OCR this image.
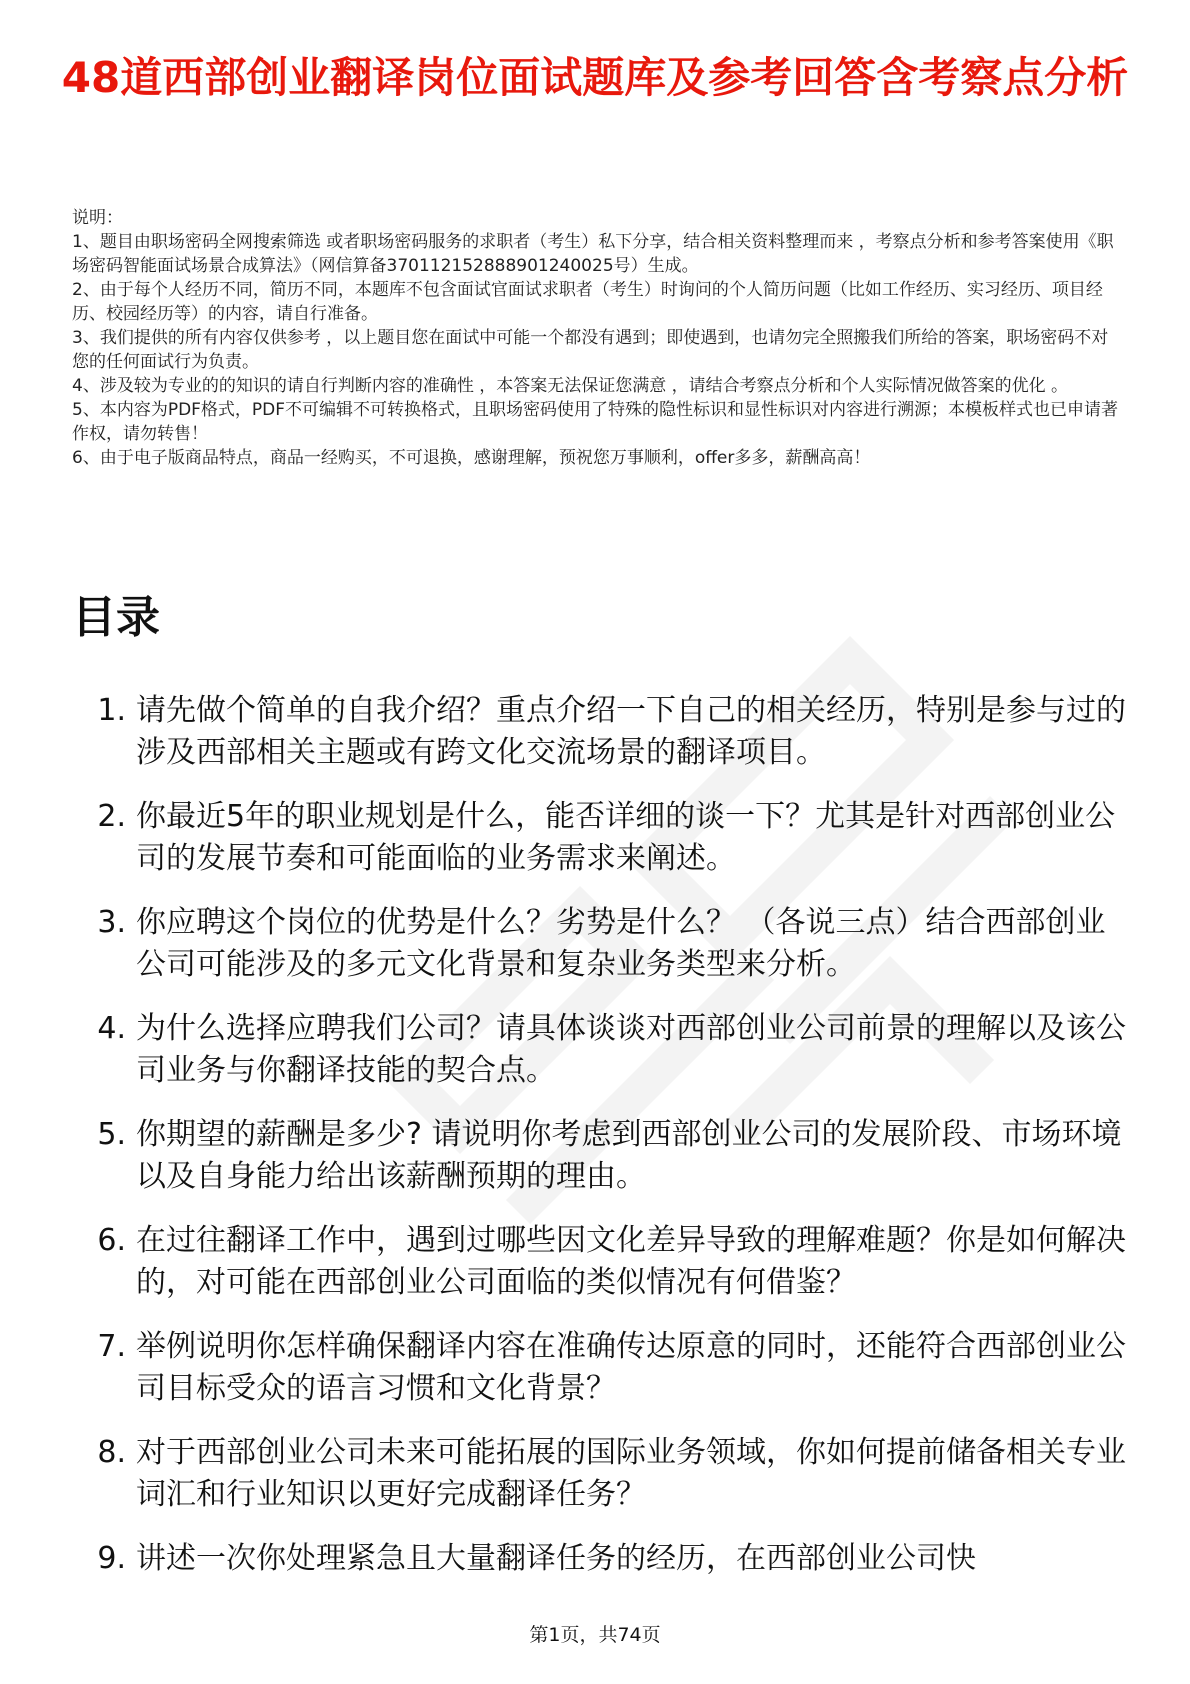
48道西部创业翻译岗位面试题库及参考回答含考察点分析

说明：

1、题目由职场密码全网搜索筛选 或者职场密码服务的求职者（考生）私下分享，结合相关资料整理而来 ，考察点分析和参考答案使用《职场密码智能面试场景合成算法》（网信算备370112152888901240025号）生成。

2、由于每个人经历不同，简历不同，本题库不包含面试官面试求职者（考生）时询问的个人简历问题（比如工作经历、实习经历、项目经历、校园经历等）的内容，请自行准备。

3、我们提供的所有内容仅供参考 ，以上题目您在面试中可能一个都没有遇到；即使遇到，也请勿完全照搬我们所给的答案，职场密码不对您的任何面试行为负责。

4、涉及较为专业的的知识的请自行判断内容的准确性 ，本答案无法保证您满意 ，请结合考察点分析和个人实际情况做答案的优化 。

5、本内容为PDF格式，PDF不可编辑不可转换格式，且职场密码使用了特殊的隐性标识和显性标识对内容进行溯源；本模板样式也已申请著作权，请勿转售！

6、由于电子版商品特点，商品一经购买，不可退换，感谢理解，预祝您万事顺利，offer多多，薪酬高高！

目录
1. 请先做个简单的自我介绍？重点介绍一下自己的相关经历，特别是参与过的涉及西部相关主题或有跨文化交流场景的翻译项目。
2. 你最近5年的职业规划是什么，能否详细的谈一下？尤其是针对西部创业公司的发展节奏和可能面临的业务需求来阐述。
3. 你应聘这个岗位的优势是什么？劣势是什么？ （各说三点）结合西部创业公司可能涉及的多元文化背景和复杂业务类型来分析。
4. 为什么选择应聘我们公司？请具体谈谈对西部创业公司前景的理解以及该公司业务与你翻译技能的契合点。
5. 你期望的薪酬是多少? 请说明你考虑到西部创业公司的发展阶段、市场环境以及自身能力给出该薪酬预期的理由。
6. 在过往翻译工作中，遇到过哪些因文化差异导致的理解难题？你是如何解决的，对可能在西部创业公司面临的类似情况有何借鉴？
7. 举例说明你怎样确保翻译内容在准确传达原意的同时，还能符合西部创业公司目标受众的语言习惯和文化背景？
8. 对于西部创业公司未来可能拓展的国际业务领域，你如何提前储备相关专业词汇和行业知识以更好完成翻译任务？
9. 讲述一次你处理紧急且大量翻译任务的经历，在西部创业公司快
第1页，共74页
